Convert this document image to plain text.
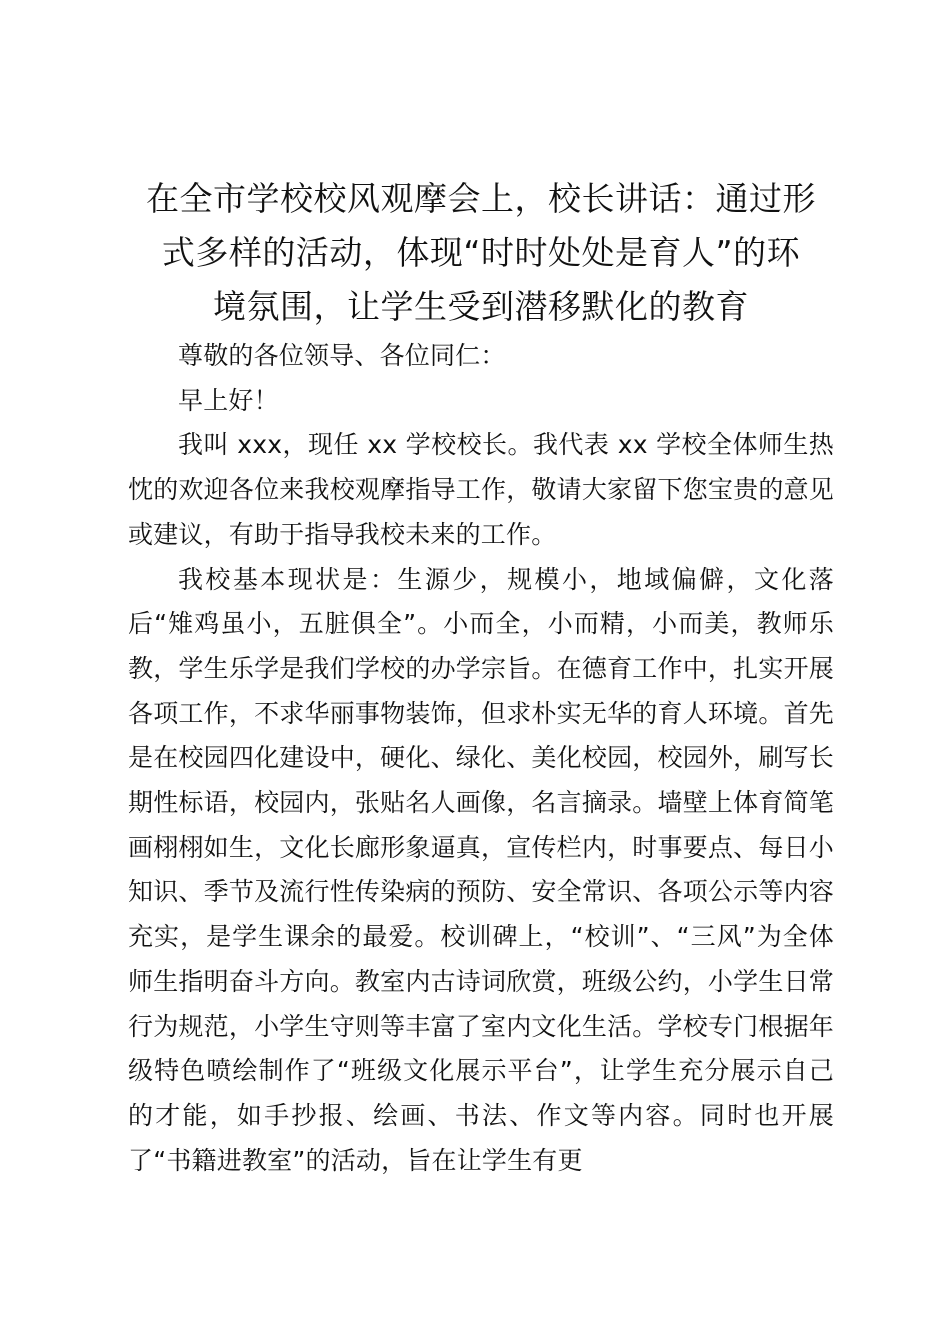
在全市学校校风观摩会上，校长讲话：通过形
式多样的活动，体现“时时处处是育人”的环
境氛围，让学生受到潜移默化的教育

尊敬的各位领导、各位同仁：

早上好！

我叫 xxx，现任 xx 学校校长。我代表 xx 学校全体师生热忱的欢迎各位来我校观摩指导工作，敬请大家留下您宝贵的意见或建议，有助于指导我校未来的工作。

我校基本现状是：生源少，规模小，地域偏僻，文化落后“雉鸡虽小，五脏俱全”。小而全，小而精，小而美，教师乐教，学生乐学是我们学校的办学宗旨。在德育工作中，扎实开展各项工作，不求华丽事物装饰，但求朴实无华的育人环境。首先是在校园四化建设中，硬化、绿化、美化校园，校园外，刷写长期性标语，校园内，张贴名人画像，名言摘录。墙壁上体育简笔画栩栩如生，文化长廊形象逼真，宣传栏内，时事要点、每日小知识、季节及流行性传染病的预防、安全常识、各项公示等内容充实，是学生课余的最爱。校训碑上，“校训”、“三风”为全体师生指明奋斗方向。教室内古诗词欣赏，班级公约，小学生日常行为规范，小学生守则等丰富了室内文化生活。学校专门根据年级特色喷绘制作了“班级文化展示平台”，让学生充分展示自己的才能，如手抄报、绘画、书法、作文等内容。同时也开展了“书籍进教室”的活动，旨在让学生有更
